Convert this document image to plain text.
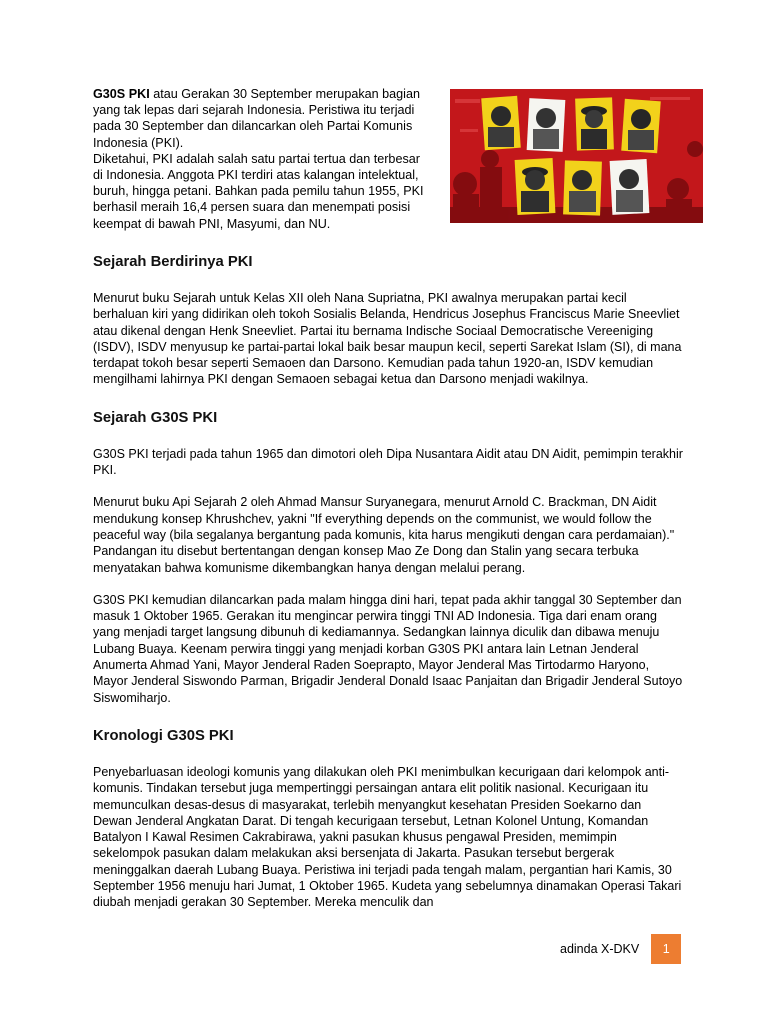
G30S PKI atau Gerakan 30 September merupakan bagian yang tak lepas dari sejarah Indonesia. Peristiwa itu terjadi pada 30 September dan dilancarkan oleh Partai Komunis Indonesia (PKI).

Diketahui, PKI adalah salah satu partai tertua dan terbesar di Indonesia. Anggota PKI terdiri atas kalangan intelektual, buruh, hingga petani. Bahkan pada pemilu tahun 1955, PKI berhasil meraih 16,4 persen suara dan menempati posisi keempat di bawah PNI, Masyumi, dan NU.

Sejarah Berdirinya PKI

Menurut buku Sejarah untuk Kelas XII oleh Nana Supriatna, PKI awalnya merupakan partai kecil berhaluan kiri yang didirikan oleh tokoh Sosialis Belanda, Hendricus Josephus Franciscus Marie Sneevliet atau dikenal dengan Henk Sneevliet. Partai itu bernama Indische Sociaal Democratische Vereeniging (ISDV), ISDV menyusup ke partai-partai lokal baik besar maupun kecil, seperti Sarekat Islam (SI), di mana terdapat tokoh besar seperti Semaoen dan Darsono. Kemudian pada tahun 1920-an, ISDV kemudian mengilhami lahirnya PKI dengan Semaoen sebagai ketua dan Darsono menjadi wakilnya.

Sejarah G30S PKI

G30S PKI terjadi pada tahun 1965 dan dimotori oleh Dipa Nusantara Aidit atau DN Aidit, pemimpin terakhir PKI.

Menurut buku Api Sejarah 2 oleh Ahmad Mansur Suryanegara, menurut Arnold C. Brackman, DN Aidit mendukung konsep Khrushchev, yakni "If everything depends on the communist, we would follow the peaceful way (bila segalanya bergantung pada komunis, kita harus mengikuti dengan cara perdamaian)." Pandangan itu disebut bertentangan dengan konsep Mao Ze Dong dan Stalin yang secara terbuka menyatakan bahwa komunisme dikembangkan hanya dengan melalui perang.

G30S PKI kemudian dilancarkan pada malam hingga dini hari, tepat pada akhir tanggal 30 September dan masuk 1 Oktober 1965. Gerakan itu mengincar perwira tinggi TNI AD Indonesia. Tiga dari enam orang yang menjadi target langsung dibunuh di kediamannya. Sedangkan lainnya diculik dan dibawa menuju Lubang Buaya. Keenam perwira tinggi yang menjadi korban G30S PKI antara lain Letnan Jenderal Anumerta Ahmad Yani, Mayor Jenderal Raden Soeprapto, Mayor Jenderal Mas Tirtodarmo Haryono, Mayor Jenderal Siswondo Parman, Brigadir Jenderal Donald Isaac Panjaitan dan Brigadir Jenderal Sutoyo Siswomiharjo.

Kronologi G30S PKI

Penyebarluasan ideologi komunis yang dilakukan oleh PKI menimbulkan kecurigaan dari kelompok anti-komunis. Tindakan tersebut juga mempertinggi persaingan antara elit politik nasional. Kecurigaan itu memunculkan desas-desus di masyarakat, terlebih menyangkut kesehatan Presiden Soekarno dan Dewan Jenderal Angkatan Darat. Di tengah kecurigaan tersebut, Letnan Kolonel Untung, Komandan Batalyon I Kawal Resimen Cakrabirawa, yakni pasukan khusus pengawal Presiden, memimpin sekelompok pasukan dalam melakukan aksi bersenjata di Jakarta. Pasukan tersebut bergerak meninggalkan daerah Lubang Buaya. Peristiwa ini terjadi pada tengah malam, pergantian hari Kamis, 30 September 1956 menuju hari Jumat, 1 Oktober 1965. Kudeta yang sebelumnya dinamakan Operasi Takari diubah menjadi gerakan 30 September. Mereka menculik dan

adinda X-DKV	1
